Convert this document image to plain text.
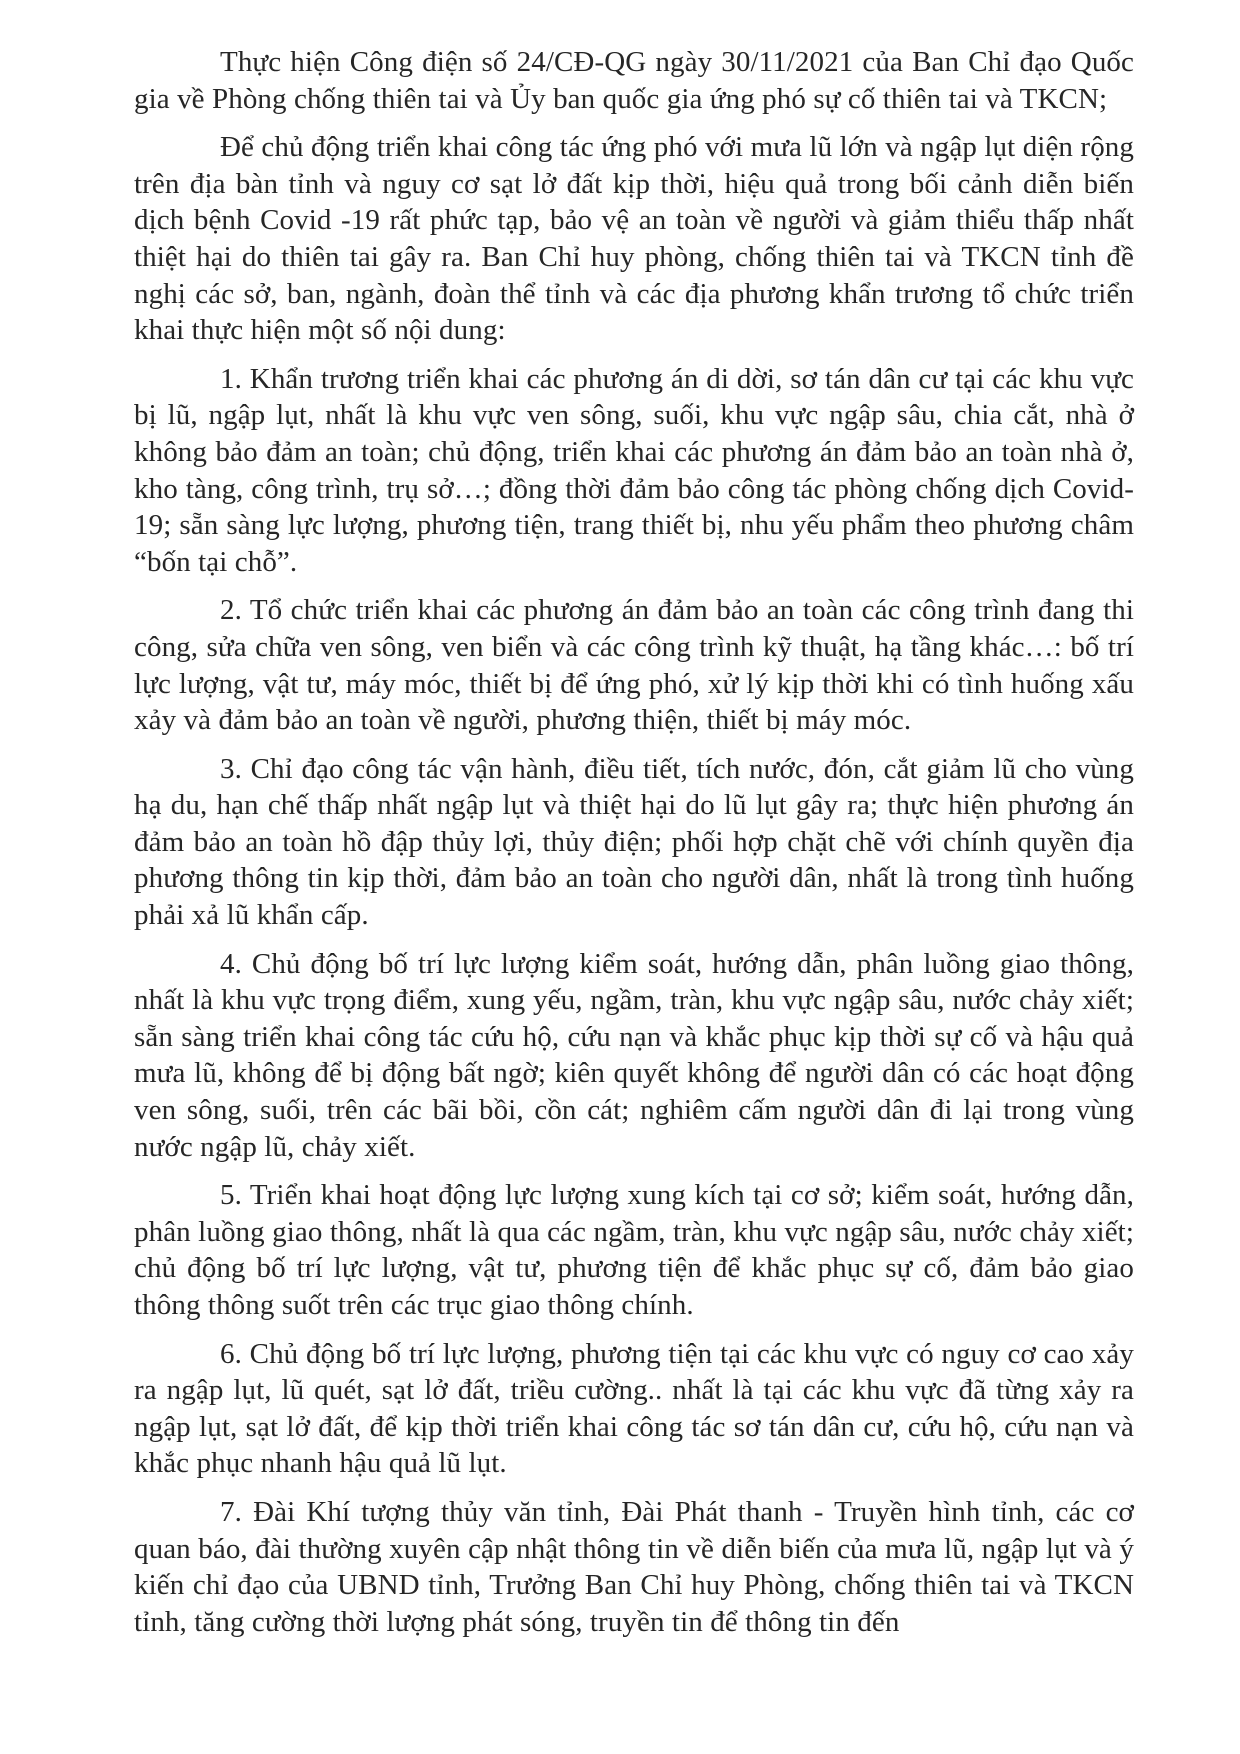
Thực hiện Công điện số 24/CĐ-QG ngày 30/11/2021 của Ban Chỉ đạo Quốc gia về Phòng chống thiên tai và Ủy ban quốc gia ứng phó sự cố thiên tai và TKCN;

Để chủ động triển khai công tác ứng phó với mưa lũ lớn và ngập lụt diện rộng trên địa bàn tỉnh và nguy cơ sạt lở đất kịp thời, hiệu quả trong bối cảnh diễn biến dịch bệnh Covid -19 rất phức tạp, bảo vệ an toàn về người và giảm thiểu thấp nhất thiệt hại do thiên tai gây ra. Ban Chỉ huy phòng, chống thiên tai và TKCN tỉnh đề nghị các sở, ban, ngành, đoàn thể tỉnh và các địa phương khẩn trương tổ chức triển khai thực hiện một số nội dung:

1. Khẩn trương triển khai các phương án di dời, sơ tán dân cư tại các khu vực bị lũ, ngập lụt, nhất là khu vực ven sông, suối, khu vực ngập sâu, chia cắt, nhà ở không bảo đảm an toàn; chủ động, triển khai các phương án đảm bảo an toàn nhà ở, kho tàng, công trình, trụ sở…; đồng thời đảm bảo công tác phòng chống dịch Covid-19; sẵn sàng lực lượng, phương tiện, trang thiết bị, nhu yếu phẩm theo phương châm “bốn tại chỗ”.

2. Tổ chức triển khai các phương án đảm bảo an toàn các công trình đang thi công, sửa chữa ven sông, ven biển và các công trình kỹ thuật, hạ tầng khác…: bố trí lực lượng, vật tư, máy móc, thiết bị để ứng phó, xử lý kịp thời khi có tình huống xấu xảy và đảm bảo an toàn về người, phương thiện, thiết bị máy móc.

3. Chỉ đạo công tác vận hành, điều tiết, tích nước, đón, cắt giảm lũ cho vùng hạ du, hạn chế thấp nhất ngập lụt và thiệt hại do lũ lụt gây ra; thực hiện phương án đảm bảo an toàn hồ đập thủy lợi, thủy điện; phối hợp chặt chẽ với chính quyền địa phương thông tin kịp thời, đảm bảo an toàn cho người dân, nhất là trong tình huống phải xả lũ khẩn cấp.

4. Chủ động bố trí lực lượng kiểm soát, hướng dẫn, phân luồng giao thông, nhất là khu vực trọng điểm, xung yếu, ngầm, tràn, khu vực ngập sâu, nước chảy xiết; sẵn sàng triển khai công tác cứu hộ, cứu nạn và khắc phục kịp thời sự cố và hậu quả mưa lũ, không để bị động bất ngờ; kiên quyết không để người dân có các hoạt động ven sông, suối, trên các bãi bồi, cồn cát; nghiêm cấm người dân đi lại trong vùng nước ngập lũ, chảy xiết.

5. Triển khai hoạt động lực lượng xung kích tại cơ sở; kiểm soát, hướng dẫn, phân luồng giao thông, nhất là qua các ngầm, tràn, khu vực ngập sâu, nước chảy xiết; chủ động bố trí lực lượng, vật tư, phương tiện để khắc phục sự cố, đảm bảo giao thông thông suốt trên các trục giao thông chính.

6. Chủ động bố trí lực lượng, phương tiện tại các khu vực có nguy cơ cao xảy ra ngập lụt, lũ quét, sạt lở đất, triều cường.. nhất là tại các khu vực đã từng xảy ra ngập lụt, sạt lở đất, để kịp thời triển khai công tác sơ tán dân cư, cứu hộ, cứu nạn và khắc phục nhanh hậu quả lũ lụt.

7. Đài Khí tượng thủy văn tỉnh, Đài Phát thanh - Truyền hình tỉnh, các cơ quan báo, đài thường xuyên cập nhật thông tin về diễn biến của mưa lũ, ngập lụt và ý kiến chỉ đạo của UBND tỉnh, Trưởng Ban Chỉ huy Phòng, chống thiên tai và TKCN tỉnh, tăng cường thời lượng phát sóng, truyền tin để thông tin đến
